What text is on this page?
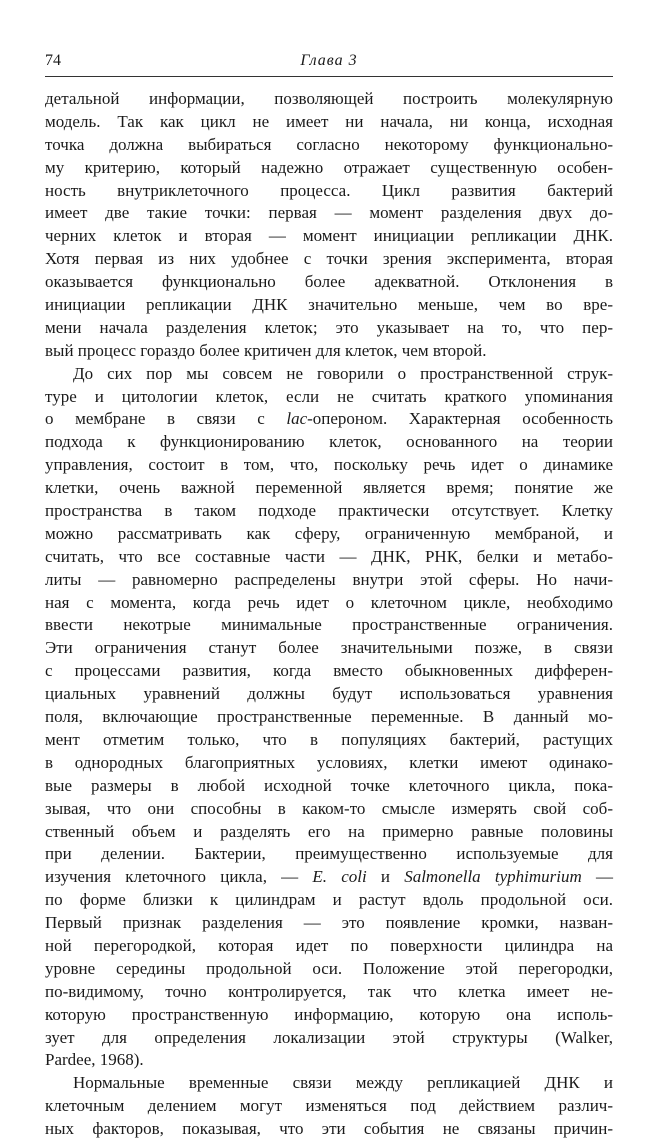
74	Глава 3
детальной информации, позволяющей построить молекулярную
модель. Так как цикл не имеет ни начала, ни конца, исходная
точка должна выбираться согласно некоторому функционально-
му критерию, который надежно отражает существенную особен-
ность внутриклеточного процесса. Цикл развития бактерий
имеет две такие точки: первая — момент разделения двух до-
черних клеток и вторая — момент инициации репликации ДНК.
Хотя первая из них удобнее с точки зрения эксперимента, вторая
оказывается функционально более адекватной. Отклонения в
инициации репликации ДНК значительно меньше, чем во вре-
мени начала разделения клеток; это указывает на то, что пер-
вый процесс гораздо более критичен для клеток, чем второй.
До сих пор мы совсем не говорили о пространственной струк-
туре и цитологии клеток, если не считать краткого упоминания
о мембране в связи с lac-опероном. Характерная особенность
подхода к функционированию клеток, основанного на теории
управления, состоит в том, что, поскольку речь идет о динамике
клетки, очень важной переменной является время; понятие же
пространства в таком подходе практически отсутствует. Клетку
можно рассматривать как сферу, ограниченную мембраной, и
считать, что все составные части — ДНК, РНК, белки и метабо-
литы — равномерно распределены внутри этой сферы. Но начи-
ная с момента, когда речь идет о клеточном цикле, необходимо
ввести некотрые минимальные пространственные ограничения.
Эти ограничения станут более значительными позже, в связи
с процессами развития, когда вместо обыкновенных дифферен-
циальных уравнений должны будут использоваться уравнения
поля, включающие пространственные переменные. В данный мо-
мент отметим только, что в популяциях бактерий, растущих
в однородных благоприятных условиях, клетки имеют одинако-
вые размеры в любой исходной точке клеточного цикла, пока-
зывая, что они способны в каком-то смысле измерять свой соб-
ственный объем и разделять его на примерно равные половины
при делении. Бактерии, преимущественно используемые для
изучения клеточного цикла, — E. coli и Salmonella typhimurium —
по форме близки к цилиндрам и растут вдоль продольной оси.
Первый признак разделения — это появление кромки, назван-
ной перегородкой, которая идет по поверхности цилиндра на
уровне середины продольной оси. Положение этой перегородки,
по-видимому, точно контролируется, так что клетка имеет не-
которую пространственную информацию, которую она исполь-
зует для определения локализации этой структуры (Walker,
Pardee, 1968).
Нормальные временные связи между репликацией ДНК и
клеточным делением могут изменяться под действием различ-
ных факторов, показывая, что эти события не связаны причин-
